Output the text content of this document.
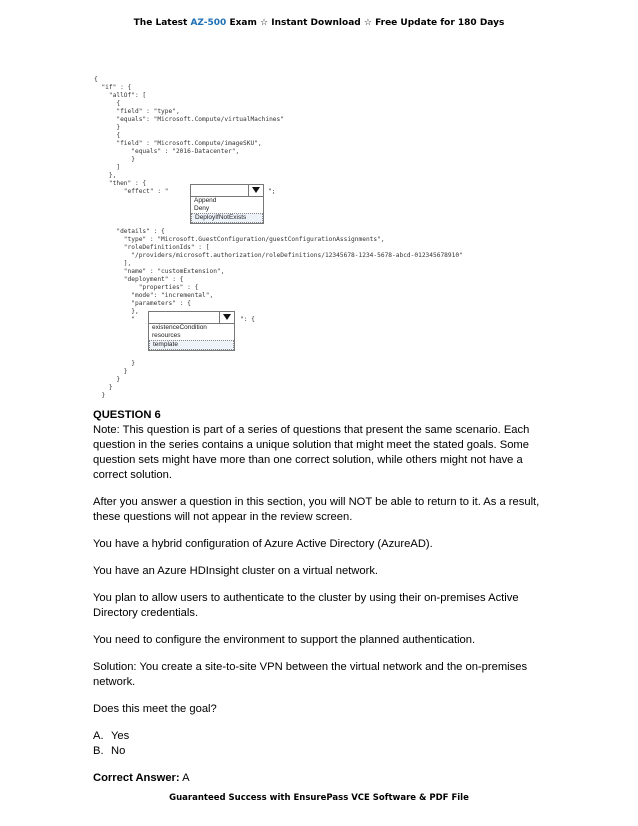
The Latest AZ-500 Exam ☆ Instant Download ☆ Free Update for 180 Days
{
"if" : {
"allOf": [
{
"field" : "type",
"equals": "Microsoft.Compute/virtualMachines"
}
{
"field" : "Microsoft.Compute/imageSKU",
"equals" : "2016-Datacenter",
}
]
},
"then" : {
"effect" : "	";
Append
Deny
DeployIfNotExists
"details" : {
"type" : "Microsoft.GuestConfiguration/guestConfigurationAssignments",
"roleDefinitionIds" : [
"/providers/microsoft.authorization/roleDefinitions/12345678-1234-5678-abcd-012345678910"
],
"name" : "customExtension",
"deployment" : {
"properties" : {
"mode": "incremental",
"parameters" : {
},
"	": {
existenceCondition
resources
template
}
}
}
}
}

QUESTION 6

Note: This question is part of a series of questions that present the same scenario. Each question in the series contains a unique solution that might meet the stated goals. Some question sets might have more than one correct solution, while others might not have a correct solution.

After you answer a question in this section, you will NOT be able to return to it. As a result, these questions will not appear in the review screen.

You have a hybrid configuration of Azure Active Directory (AzureAD).

You have an Azure HDInsight cluster on a virtual network.

You plan to allow users to authenticate to the cluster by using their on-premises Active Directory credentials.

You need to configure the environment to support the planned authentication.

Solution: You create a site-to-site VPN between the virtual network and the on-premises network.

Does this meet the goal?

A. Yes
B. No

Correct Answer: A

Guaranteed Success with EnsurePass VCE Software & PDF File
